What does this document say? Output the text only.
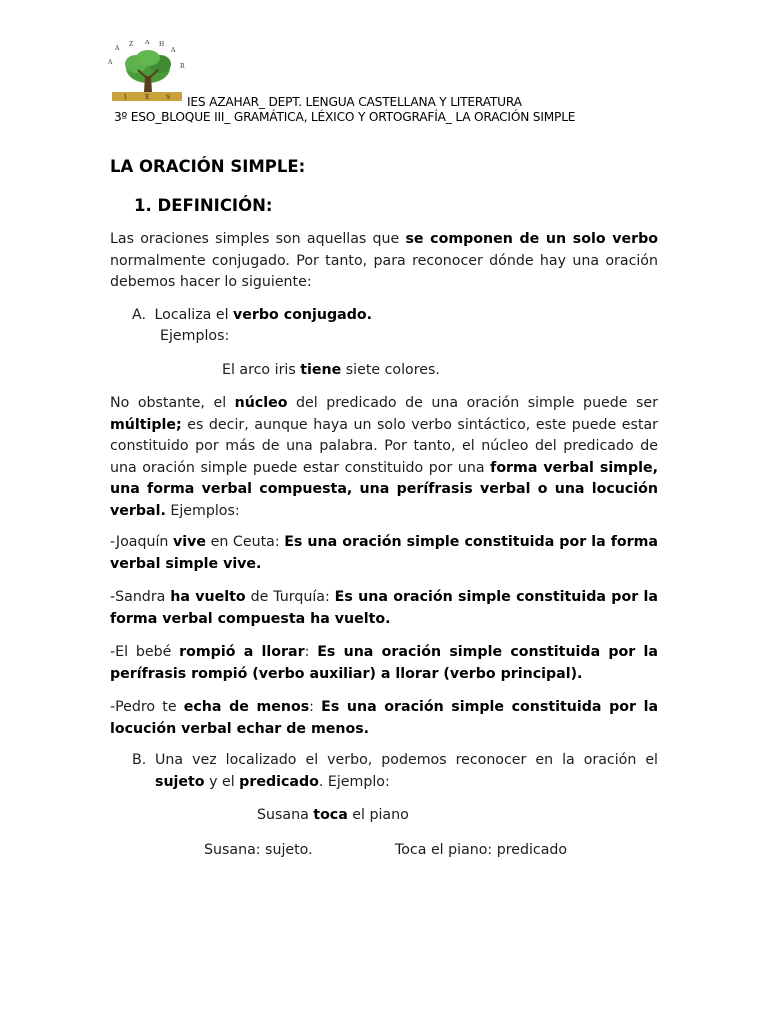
A
Z A H
A
A
R
I	E	S IES AZAHAR_ DEPT. LENGUA CASTELLANA Y LITERATURA
3º ESO_BLOQUE III_ GRAMÁTICA, LÉXICO Y ORTOGRAFÍA_ LA ORACIÓN SIMPLE
LA ORACIÓN SIMPLE:
1. DEFINICIÓN:
Las oraciones simples son aquellas que se componen de un solo verbo normalmente conjugado. Por tanto, para reconocer dónde hay una oración debemos hacer lo siguiente:
A. Localiza el verbo conjugado.
Ejemplos:
El arco iris tiene siete colores.
No obstante, el núcleo del predicado de una oración simple puede ser múltiple; es decir, aunque haya un solo verbo sintáctico, este puede estar constituido por más de una palabra. Por tanto, el núcleo del predicado de una oración simple puede estar constituido por una forma verbal simple, una forma verbal compuesta, una perífrasis verbal o una locución verbal. Ejemplos:
-Joaquín vive en Ceuta: Es una oración simple constituida por la forma verbal simple vive.
-Sandra ha vuelto de Turquía: Es una oración simple constituida por la forma verbal compuesta ha vuelto.
-El bebé rompió a llorar: Es una oración simple constituida por la perífrasis rompió (verbo auxiliar) a llorar (verbo principal).
-Pedro te echa de menos: Es una oración simple constituida por la locución verbal echar de menos.
B. Una vez localizado el verbo, podemos reconocer en la oración el sujeto y el predicado. Ejemplo:
Susana toca el piano
Susana: sujeto.	Toca el piano: predicado
